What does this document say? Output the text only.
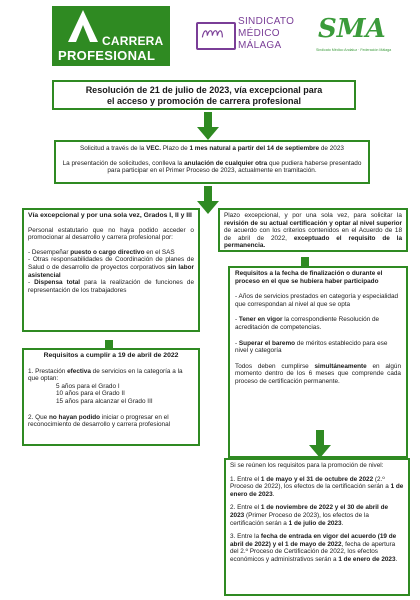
CARRERA
PROFESIONAL
SINDICATO
MÉDICO
MÁLAGA
SMA
Sindicato Médico Andaluz · Federación Málaga
Resolución de 21 de julio de 2023, vía excepcional para
el acceso y promoción de carrera profesional
Solicitud a través de la VEC. Plazo de 1 mes natural a partir del 14 de septiembre de 2023
La presentación de solicitudes, conlleva la anulación de cualquier otra que pudiera haberse presentado para participar en el Primer Proceso de 2023, actualmente en tramitación.
Vía excepcional y por una sola vez, Grados I, II y III
Personal estatutario que no haya podido acceder o promocionar al desarrollo y carrera profesional por:
- Desempeñar puesto o cargo directivo en el SAS
- Otras responsabilidades de Coordinación de planes de Salud o de desarrollo de proyectos corporativos sin labor asistencial
- Dispensa total para la realización de funciones de representación de los trabajadores
Plazo excepcional, y por una sola vez, para solicitar la revisión de su actual certificación y optar al nivel superior de acuerdo con los criterios contenidos en el Acuerdo de 18 de abril de 2022, exceptuado el requisito de la permanencia.
Requisitos a la fecha de finalización o durante el proceso en el que se hubiera haber participado
- Años de servicios prestados en categoría y especialidad que correspondan al nivel al que se opta
- Tener en vigor la correspondiente Resolución de acreditación de competencias.
- Superar el baremo de méritos establecido para ese nivel y categoría
Todos deben cumplirse simultáneamente en algún momento dentro de los 6 meses que comprende cada proceso de certificación permanente.
Requisitos a cumplir a 19 de abril de 2022
1. Prestación efectiva de servicios en la categoría a la que optan:
5 años para el Grado I
10 años para el Grado II
15 años para alcanzar el Grado III
2. Que no hayan podido iniciar o progresar en el reconocimiento de desarrollo y carrera profesional
Si se reúnen los requisitos para la promoción de nivel:
1. Entre el 1 de mayo y el 31 de octubre de 2022 (2.º Proceso de 2022), los efectos de la certificación serán a 1 de enero de 2023.
2. Entre el 1 de noviembre de 2022 y el 30 de abril de 2023 (Primer Proceso de 2023), los efectos de la certificación serán a 1 de julio de 2023.
3. Entre la fecha de entrada en vigor del acuerdo (19 de abril de 2022) y el 1 de mayo de 2022, fecha de apertura del 2.º Proceso de Certificación de 2022, los efectos económicos y administrativos serán a 1 de enero de 2023.
